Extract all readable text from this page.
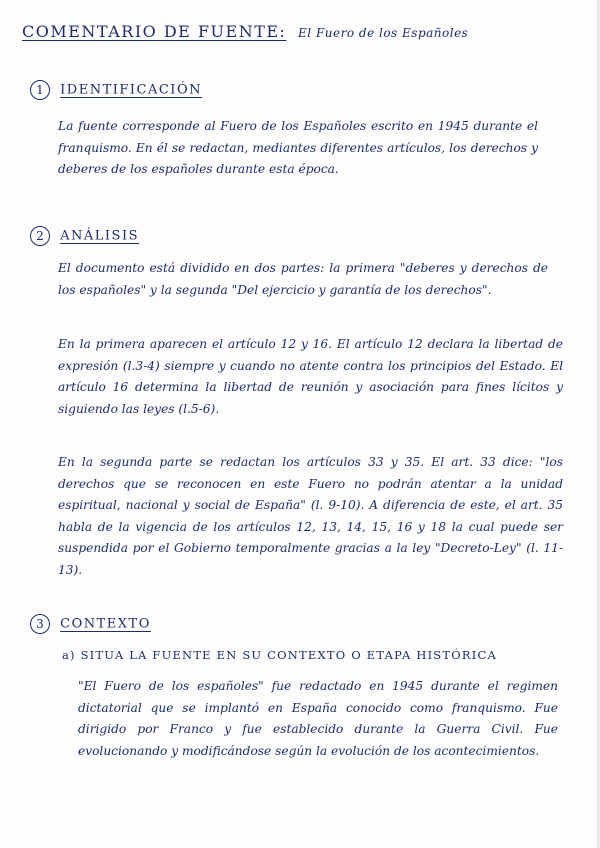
COMENTARIO DE FUENTE: El Fuero de los Españoles
1 IDENTIFICACIÓN
La fuente corresponde al Fuero de los Españoles escrito en 1945 durante el franquismo. En él se redactan, mediantes diferentes artículos, los derechos y deberes de los españoles durante esta época.
2 ANÁLISIS
El documento está dividido en dos partes: la primera "deberes y derechos de los españoles" y la segunda "Del ejercicio y garantía de los derechos".
En la primera aparecen el artículo 12 y 16. El artículo 12 declara la libertad de expresión (l.3-4) siempre y cuando no atente contra los principios del Estado. El artículo 16 determina la libertad de reunión y asociación para fines lícitos y siguiendo las leyes (l.5-6).
En la segunda parte se redactan los artículos 33 y 35. El art. 33 dice: "los derechos que se reconocen en este Fuero no podrán atentar a la unidad espiritual, nacional y social de España" (l. 9-10). A diferencia de este, el art. 35 habla de la vigencia de los artículos 12, 13, 14, 15, 16 y 18 la cual puede ser suspendida por el Gobierno temporalmente gracias a la ley "Decreto-Ley" (l. 11-13).
3 CONTEXTO
a) SITUA LA FUENTE EN SU CONTEXTO O ETAPA HISTÓRICA
"El Fuero de los españoles" fue redactado en 1945 durante el regimen dictatorial que se implantó en España conocido como franquismo. Fue dirigido por Franco y fue establecido durante la Guerra Civil. Fue evolucionando y modificándose según la evolución de los acontecimientos.
